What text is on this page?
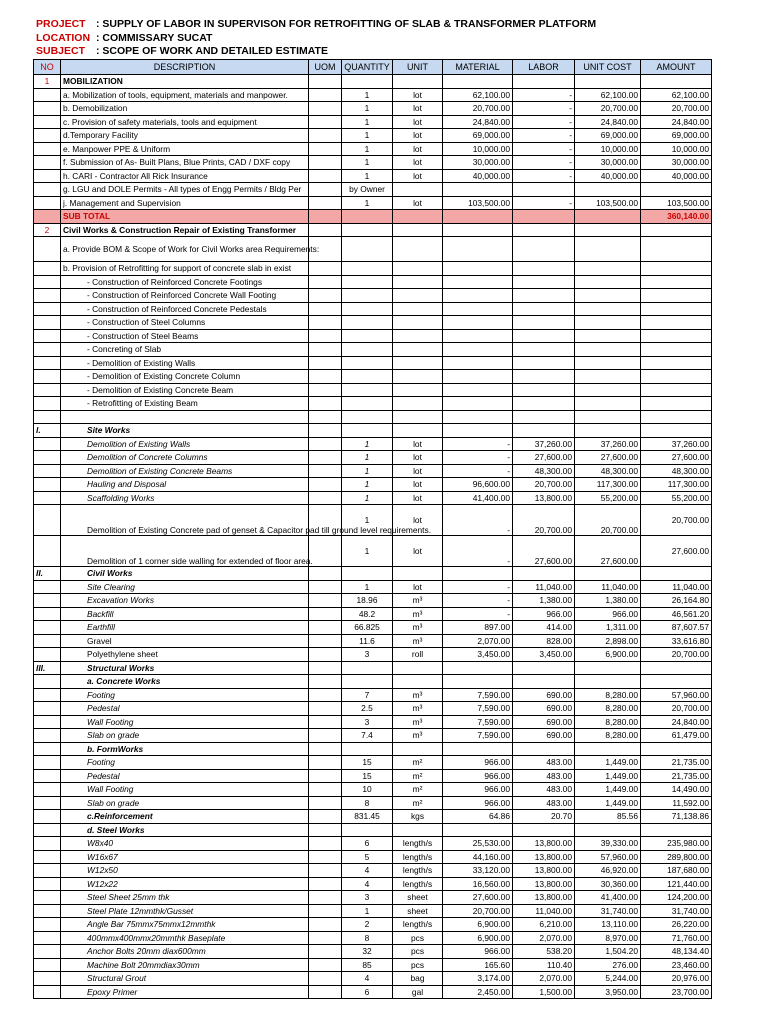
PROJECT : SUPPLY OF LABOR IN SUPERVISON FOR RETROFITTING OF SLAB & TRANSFORMER PLATFORM
LOCATION : COMMISSARY SUCAT
SUBJECT	: SCOPE OF WORK AND DETAILED ESTIMATE
NO	DESCRIPTION	UOM	QUANTITY	UNIT	MATERIAL	LABOR	UNIT COST	AMOUNT
1	MOBILIZATION							
	a. Mobilization of tools, equipment, materials and manpower.		1	lot	62,100.00	-	62,100.00	62,100.00
	b. Demobilization		1	lot	20,700.00	-	20,700.00	20,700.00
	c. Provision of safety materials, tools and equipment		1	lot	24,840.00	-	24,840.00	24,840.00
	d.Temporary Facility		1	lot	69,000.00	-	69,000.00	69,000.00
	e. Manpower PPE & Uniform		1	lot	10,000.00	-	10,000.00	10,000.00
	f. Submission of As- Built Plans, Blue Prints, CAD / DXF copy		1	lot	30,000.00	-	30,000.00	30,000.00
	h. CARI - Contractor All Rick Insurance		1	lot	40,000.00	-	40,000.00	40,000.00
	g. LGU and DOLE Permits - All types of Engg Permits / Bldg Per		by Owner					
	j. Management and Supervision		1	lot	103,500.00	-	103,500.00	103,500.00
	SUB TOTAL							360,140.00
2	Civil Works & Construction Repair of Existing Transformer							
	a. Provide BOM & Scope of Work for Civil Works area Requirements:							
	b. Provision of Retrofitting for support of concrete slab in exist							
	- Construction of Reinforced Concrete Footings							
	- Construction of Reinforced Concrete Wall Footing							
	- Construction of Reinforced Concrete Pedestals							
	- Construction of Steel Columns							
	- Construction of Steel Beams							
	- Concreting of Slab							
	- Demolition of Existing Walls							
	- Demolition of Existing Concrete Column							
	- Demolition of Existing Concrete Beam							
	- Retrofitting of Existing Beam							

I.	Site Works							
	Demolition of Existing Walls		1	lot	-	37,260.00	37,260.00	37,260.00
	Demolition of Concrete Columns		1	lot	-	27,600.00	27,600.00	27,600.00
	Demolition of Existing Concrete Beams		1	lot	-	48,300.00	48,300.00	48,300.00
	Hauling and Disposal		1	lot	96,600.00	20,700.00	117,300.00	117,300.00
	Scaffolding Works		1	lot	41,400.00	13,800.00	55,200.00	55,200.00
	Demolition of Existing Concrete pad of genset & Capacitor pad till ground level requirements.		1	lot	-	20,700.00	20,700.00	20,700.00
	Demolition of 1 corner side walling for extended of floor area.		1	lot	-	27,600.00	27,600.00	27,600.00
II.	Civil Works							
	Site Clearing		1	lot	-	11,040.00	11,040.00	11,040.00
	Excavation Works		18.96	m³	-	1,380.00	1,380.00	26,164.80
	Backfill		48.2	m³	-	966.00	966.00	46,561.20
	Earthfill		66.825	m³	897.00	414.00	1,311.00	87,607.57
	Gravel		11.6	m³	2,070.00	828.00	2,898.00	33,616.80
	Polyethylene sheet		3	roll	3,450.00	3,450.00	6,900.00	20,700.00
III.	Structural Works							
	a. Concrete Works							
	Footing		7	m³	7,590.00	690.00	8,280.00	57,960.00
	Pedestal		2.5	m³	7,590.00	690.00	8,280.00	20,700.00
	Wall Footing		3	m³	7,590.00	690.00	8,280.00	24,840.00
	Slab on grade		7.4	m³	7,590.00	690.00	8,280.00	61,479.00
	b. FormWorks							
	Footing		15	m²	966.00	483.00	1,449.00	21,735.00
	Pedestal		15	m²	966.00	483.00	1,449.00	21,735.00
	Wall Footing		10	m²	966.00	483.00	1,449.00	14,490.00
	Slab on grade		8	m²	966.00	483.00	1,449.00	11,592.00
	c.Reinforcement		831.45	kgs	64.86	20.70	85.56	71,138.86
	d. Steel Works							
	W8x40		6	length/s	25,530.00	13,800.00	39,330.00	235,980.00
	W16x67		5	length/s	44,160.00	13,800.00	57,960.00	289,800.00
	W12x50		4	length/s	33,120.00	13,800.00	46,920.00	187,680.00
	W12x22		4	length/s	16,560.00	13,800.00	30,360.00	121,440.00
	Steel Sheet 25mm thk		3	sheet	27,600.00	13,800.00	41,400.00	124,200.00
	Steel Plate 12mmthk/Gusset		1	sheet	20,700.00	11,040.00	31,740.00	31,740.00
	Angle Bar 75mmx75mmx12mmthk		2	length/s	6,900.00	6,210.00	13,110.00	26,220.00
	400mmx400mmx20mmthk Baseplate		8	pcs	6,900.00	2,070.00	8,970.00	71,760.00
	Anchor Bolts 20mm diax600mm		32	pcs	966.00	538.20	1,504.20	48,134.40
	Machine Bolt 20mmdiax30mm		85	pcs	165.60	110.40	276.00	23,460.00
	Structural Grout		4	bag	3,174.00	2,070.00	5,244.00	20,976.00
	Epoxy Primer		6	gal	2,450.00	1,500.00	3,950.00	23,700.00
